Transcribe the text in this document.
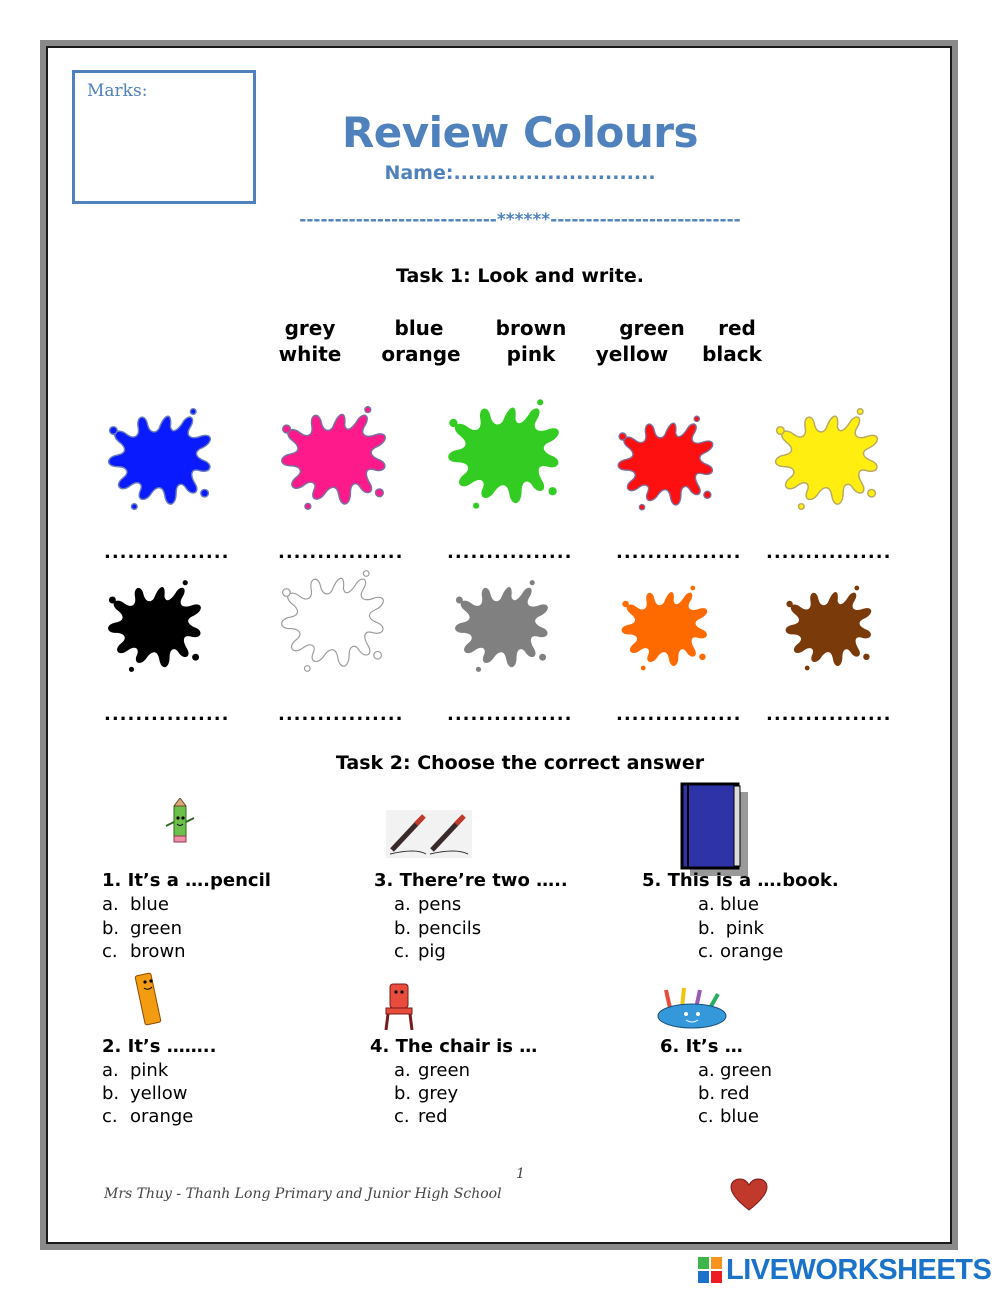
Marks:
Review Colours
Name:............................
----------------------------******---------------------------
Task 1: Look and write.
grey	blue	brown	green	red
white	orange	pink	yellow	black
................	................ ................ ................ ................
................	................ ................ ................ ................
Task 2: Choose the correct answer
1. It’s a ….pencil
a. blue
b. green
c. brown
2. It’s ……..
a. pink
b. yellow
c. orange
3. There’re two …..
a. pens
b. pencils
c. pig
4. The chair is …
a. green
b. grey
c. red
5. This is a ….book.
a. blue
b. pink
c. orange
6. It’s …
a. green
b. red
c. blue
1
Mrs Thuy - Thanh Long Primary and Junior High School
LIVEWORKSHEETS
